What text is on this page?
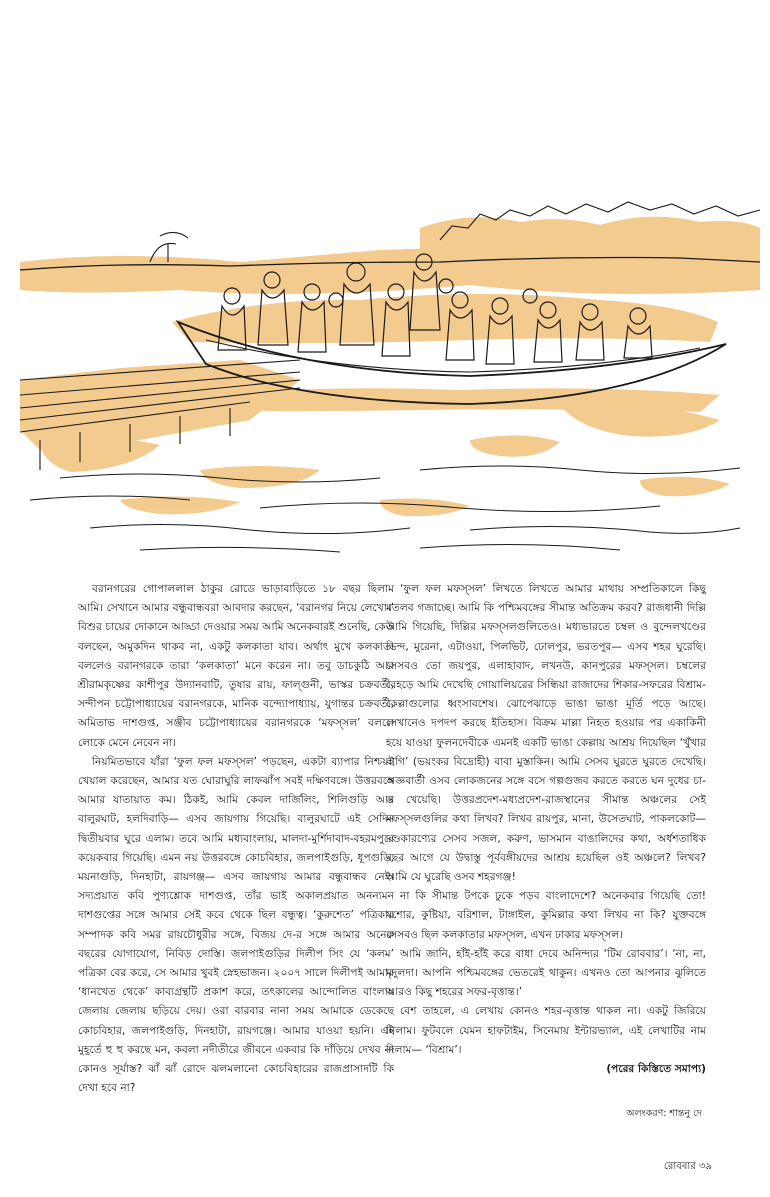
বরানগরের গোপাললাল ঠাকুর রোডে ভাড়াবাড়িতে ১৮ বছর ছিলাম আমি। সেখানে আমার বন্ধুবান্ধবরা আবদার করছেন, ‘বরানগর নিয়ে লেখো।’ বিশুর চায়ের দোকানে আড্ডা দেওয়ার সময় আমি অনেকবারই শুনেছি, কেউ বলছেন, অমুকদিন থাকব না, একটু কলকাতা যাব। অর্থাৎ মুখে কলকাতা বললেও বরানগরকে তারা ‘কলকাতা’ মনে করেন না। তবু ডাচকুঠি আর শ্রীরামকৃষ্ণের কাশীপুর উদ্যানবাটি, তুষার রায়, ফাল্গুনী, ভাস্কর চক্রবর্তী, সন্দীপন চট্টোপাধ্যায়ের বরানগরকে, মানিক বন্দ্যোপাধ্যায়, যুগান্তর চক্রবর্তী, অমিতাভ দাশগুপ্ত, সঞ্জীব চট্টোপাধ্যায়ের বরানগরকে ‘মফস্সল’ বললে লোকে মেনে নেবেন না।

নিয়মিতভাবে যাঁরা ‘ফুল ফল মফস্সল’ পড়ছেন, একটা ব্যাপার নিশ্চয়ই খেয়াল করেছেন, আমার যত ঘোরাঘুরি লাফঝাঁপ সবই দক্ষিণবঙ্গে। উত্তরবঙ্গে আমার যাতায়াত কম। ঠিকই, আমি কেবল দার্জিলিং, শিলিগুড়ি আর বালুরঘাট, হলদিবাড়ি— এসব জায়গায় গিয়েছি। বালুরঘাটে এই সেদিন দ্বিতীয়বার ঘুরে এলাম। তবে আমি মধ্যবাংলায়, মালদা-মুর্শিদাবাদ-বহরমপুরে কয়েকবার গিয়েছি। এমন নয় উত্তরবঙ্গে কোচবিহার, জলপাইগুড়ি, ধূপগুড়ি, ময়নাগুড়ি, দিনহাটা, রায়গঞ্জ— এসব জায়গায় আমার বন্ধুবান্ধব নেই। সদ্যপ্রয়াত কবি পুণ্যশ্লোক দাশগুপ্ত, তাঁর ভাই অকালপ্রয়াত অনন্যমন দাশগুপ্তের সঙ্গে আমার সেই কবে থেকে ছিল বন্ধুত্ব। ‘কুরুশেত’ পত্রিকার সম্পাদক কবি সমর রায়চৌধুরীর সঙ্গে, বিজয় দে-র সঙ্গে আমার অনেক বছরের যোগাযোগ, নিবিড় দোস্তি। জলপাইগুড়ির দিলীপ সিং যে ‘কলম’ পত্রিকা বের করে, সে আমার খুবই স্নেহভাজন। ২০০৭ সালে দিলীপই আমার ‘ধানখেত থেকে’ কাব্যগ্রন্থটি প্রকাশ করে, তৎকালের আন্দোলিত বাংলায় জেলায় জেলায় ছড়িয়ে দেয়। ওরা বারবার নানা সময় আমাকে ডেকেছে কোচবিহার, জলপাইগুড়ি, দিনহাটা, রায়গঞ্জে। আমার যাওয়া হয়নি। এই মুহূর্তে হু হু করছে মন, কবলা নদীতীরে জীবনে একবার কি দাঁড়িয়ে দেখব না কোনও সূর্যাস্ত? ঝাঁ ঝাঁ রোদে ঝলমলানো কোচবিহারের রাজপ্রাসাদটি কি দেখা হবে না?

‘ফুল ফল মফস্সল’ লিখতে লিখতে আমার মাথায় সম্প্রতিকালে কিছু মতলব গজাচ্ছে। আমি কি পশ্চিমবঙ্গের সীমান্ত অতিক্রম করব? রাজধানী দিল্লি আমি গিয়েছি, দিল্লির মফস্সলগুলিতেও। মধ্যভারতে চম্বল ও বুন্দেলখণ্ডের ভিন্দ, মুরেনা, এটাওয়া, পিলভিট, ঢোলপুর, ভরতপুর— এসব শহর ঘুরেছি। সেসবও তো জয়পুর, এলাহাবাদ, লখনউ, কানপুরের মফস্সল। চম্বলের বেহড়ে আমি দেখেছি গোয়ালিয়রের সিন্ধিয়া রাজাদের শিকার-সফরের বিশ্রাম-কেল্লাগুলোর ধ্বংসাবশেষ। ঝোপেঝাড়ে ভাঙা ভাঙা মূর্তি পড়ে আছে। সেখানেও দপদপ করছে ইতিহাস। বিক্রম মাল্লা নিহত হওয়ার পর একাকিনী হয়ে যাওয়া ফুলনদেবীকে এমনই একটি ভাঙা কেল্লায় আশ্রয় দিয়েছিল ‘খুঁখার বাগি’ (ভয়ংকর বিদ্রোহী) বাবা মুস্তাকিন। আমি সেসব ঘুরতে ঘুরতে দেখেছি। অজ্ঞবার্তী ওসব লোকজনের সঙ্গে বসে গল্পগুজব করতে করতে ঘন দুধের চা-ও খেয়েছি। উত্তরপ্রদেশ-মধ্যপ্রদেশ-রাজস্থানের সীমান্ত অঞ্চলের সেই মফস্সলগুলির কথা লিখব? লিখব রায়পুর, মানা, উসেতঘাট, পাকলকোট— দণ্ডকারণ্যের সেসব সজল, করুণ, ভাসমান বাঙালিদের কথা, অর্ধশতাধিক বছর আগে যে উদ্বাস্তু পূর্ববঙ্গীয়দের আশ্রয় হয়েছিল ওই অঞ্চলে? লিখব? আমি যে ঘুরেছি ওসব শহরগঞ্জ!

না কি সীমান্ত টপকে ঢুকে পড়ব বাংলাদেশে? অনেকবার গিয়েছি তো! যশোর, কুষ্টিয়া, বরিশাল, টাঙ্গাইল, কুমিল্লার কথা লিখব না কি? যুক্তবঙ্গে সেসবও ছিল কলকাতার মফস্সল, এখন ঢাকার মফস্সল।

আমি জানি, হাঁই-হাঁই করে বাধা দেবে অনিন্দ্যর ‘টিম রোববার’। ‘না, না, মৃদুলদা। আপনি পশ্চিমবঙ্গের ভেতরেই থাকুন। এখনও তো আপনার ঝুলিতে আরও কিছু শহরের সফর-বৃত্তান্ত।’

বেশ তাহলে, এ লেখায় কোনও শহর-বৃত্তান্ত থাকল না। একটু জিরিয়ে নিলাম। ফুটবলে যেমন হাফটাইম, সিনেমায় ইন্টারভ্যাল, এই লেখাটির নাম দিলাম— ‘বিশ্রাম’।

(পরের কিস্তিতে সমাপ্য)

অলংকরণ: শান্তনু দে
রোববার ৩৯
